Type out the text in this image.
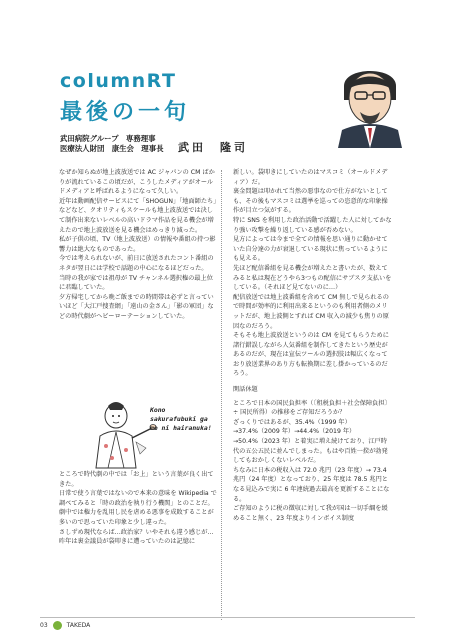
columnRT
最後の一句
武田病院グループ　専務理事
医療法人財団　康生会　理事長 武田　隆司

なぜか知らぬが地上波放送では AC ジャパンの CM ばかりが流れているこの頃だが、こうしたメディアがオールドメディアと呼ばれるようになって久しい。

近年は動画配信サービスにて「SHOGUN」「地面師たち」などなど、クオリティもスケールも地上波放送では決して制作出来ないレベルの高いドラマ作品を見る機会が増えたので地上波放送を見る機会はめっきり減った。

私が子供の頃、TV（地上波放送）の情報や番組の持つ影響力は絶大なものであった。

今では考えられないが、前日に放送されたコント番組のネタが翌日には学校で話題の中心になるほどだった。

当時の我が家では祖母が TV チャンネル選択権の最上位に君臨していた。

夕方帰宅してから晩ご飯までの時間帯は必ずと言っていいほど「大江戸捜査網」「遠山の金さん」「影の軍団」などの時代劇がヘビーローテーションしていた。

Kono
sakurafubuki ga
me ni hairanuka!

ところで時代劇の中では「お上」という言葉が良く出てきた。

日常で使う言葉ではないので本来の意味を Wikipedia で調べてみると「時の政治を執り行う機関」とのことだ。

劇中では権力を乱用し民を虐める悪事を成敗することが多いので思っていた印象と少し違った。

さしずめ現代ならば…政治家？いやそれも違う感じが…

昨年は裏金議員が袋叩きに遭っていたのは記憶に

新しい。袋叩きにしていたのはマスコミ（オールドメディア）だ。

裏金問題は叩かれて当然の悪事なので仕方がないとしても、その後もマスコミは選挙を巡っての恣意的な印象操作が目立つ気がする。

特に SNS を利用した政治活動で活躍した人に対してかなり強い攻撃を繰り返している感が否めない。

見方によっては今まで全ての情報を思い通りに動かせていた自分達の力が衰退している現状に焦っているようにも見える。

先ほど配信番組を見る機会が増えたと書いたが、数えてみると私は現在どうやら3つもの配信にサブスク支払いをしている。（それほど見てないのに…）

配信放送では地上波番組を含めて CM 無しで見られるので時間が効率的に利用出来るというのも利用者側のメリットだが、地上波側とすれば CM 収入の減少も焦りの原因なのだろう。

そもそも地上波放送というのは CM を見てもらうために諸行錯誤しながら人気番組を制作してきたという歴史があるのだが、現在は宣伝ツールの選択肢は幅広くなっており放送業界のあり方も転換期に差し掛かっているのだろう。

閑話休題

ところで日本の国民負担率（〔租税負担＋社会保障負担〕÷ 国民所得）の推移をご存知だろうか？

ざっくりではあるが、35.4%（1999 年）→37.4%（2009 年）→44.4%（2019 年）→50.4%（2023 年）と着実に増え続けており、江戸時代の五公五民に並んでしまった。もはや百姓一揆が勃発してもおかしくないレベルだ。

ちなみに日本の税収入は 72.0 兆円（23 年度）→ 73.4 兆円（24 年度）となっており、25 年度は 78.5 兆円となる見込みで実に 6 年連続過去最高を更新することになる。

ご存知のように税の徴収に対して我が国は一切手綱を緩めること無く、23 年度よりインボイス制度

03	TAKEDA
